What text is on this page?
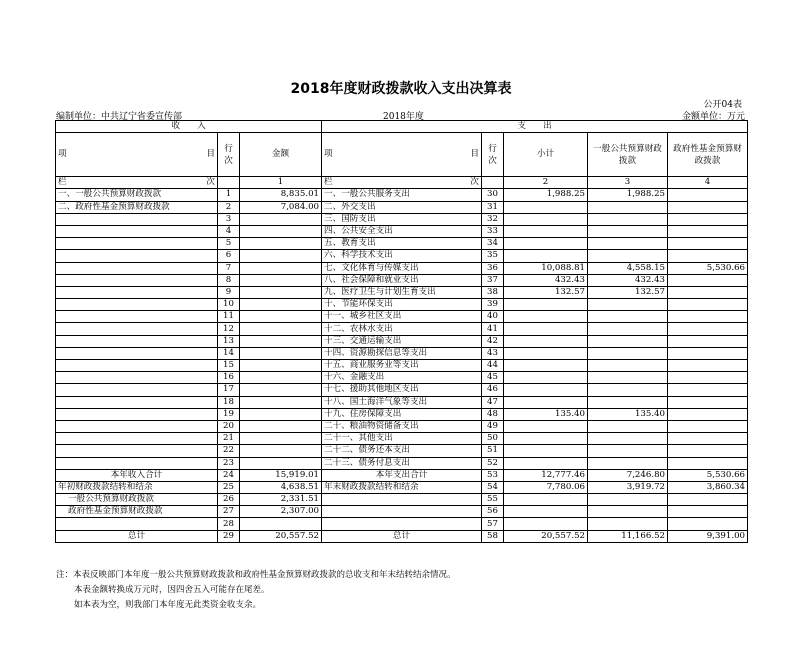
2018年度财政拨款收入支出决算表
公开04表
编制单位：中共辽宁省委宣传部	2018年度	金额单位：万元
收　　入			支　　出				

项 目	行次	金额	项 目	行次	小计	一般公共预算财政拨款	政府性基金预算财政拨款

栏 次		1	栏 次		2	3	4
一、一般公共预算财政拨款	1	8,835.01	一、一般公共服务支出	30	1,988.25	1,988.25	
二、政府性基金预算财政拨款	2	7,084.00	二、外交支出	31			
	3		三、国防支出	32			
	4		四、公共安全支出	33			
	5		五、教育支出	34			
	6		六、科学技术支出	35			
	7		七、文化体育与传媒支出	36	10,088.81	4,558.15	5,530.66
	8		八、社会保障和就业支出	37	432.43	432.43	
	9		九、医疗卫生与计划生育支出	38	132.57	132.57	
	10		十、节能环保支出	39			
	11		十一、城乡社区支出	40			
	12		十二、农林水支出	41			
	13		十三、交通运输支出	42			
	14		十四、资源勘探信息等支出	43			
	15		十五、商业服务业等支出	44			
	16		十六、金融支出	45			
	17		十七、援助其他地区支出	46			
	18		十八、国土海洋气象等支出	47			
	19		十九、住房保障支出	48	135.40	135.40	
	20		二十、粮油物资储备支出	49			
	21		二十一、其他支出	50			
	22		二十二、债务还本支出	51			
	23		二十三、债务付息支出	52			
本年收入合计	24	15,919.01	本年支出合计	53	12,777.46	7,246.80	5,530.66
年初财政拨款结转和结余	25	4,638.51	年末财政拨款结转和结余	54	7,780.06	3,919.72	3,860.34
一般公共预算财政拨款	26	2,331.51		55			
政府性基金预算财政拨款	27	2,307.00		56			
	28			57			
总计	29	20,557.52	总计	58	20,557.52	11,166.52	9,391.00
注：本表反映部门本年度一般公共预算财政拨款和政府性基金预算财政拨款的总收支和年末结转结余情况。
本表金额转换成万元时，因四舍五入可能存在尾差。
如本表为空，则我部门本年度无此类资金收支余。
